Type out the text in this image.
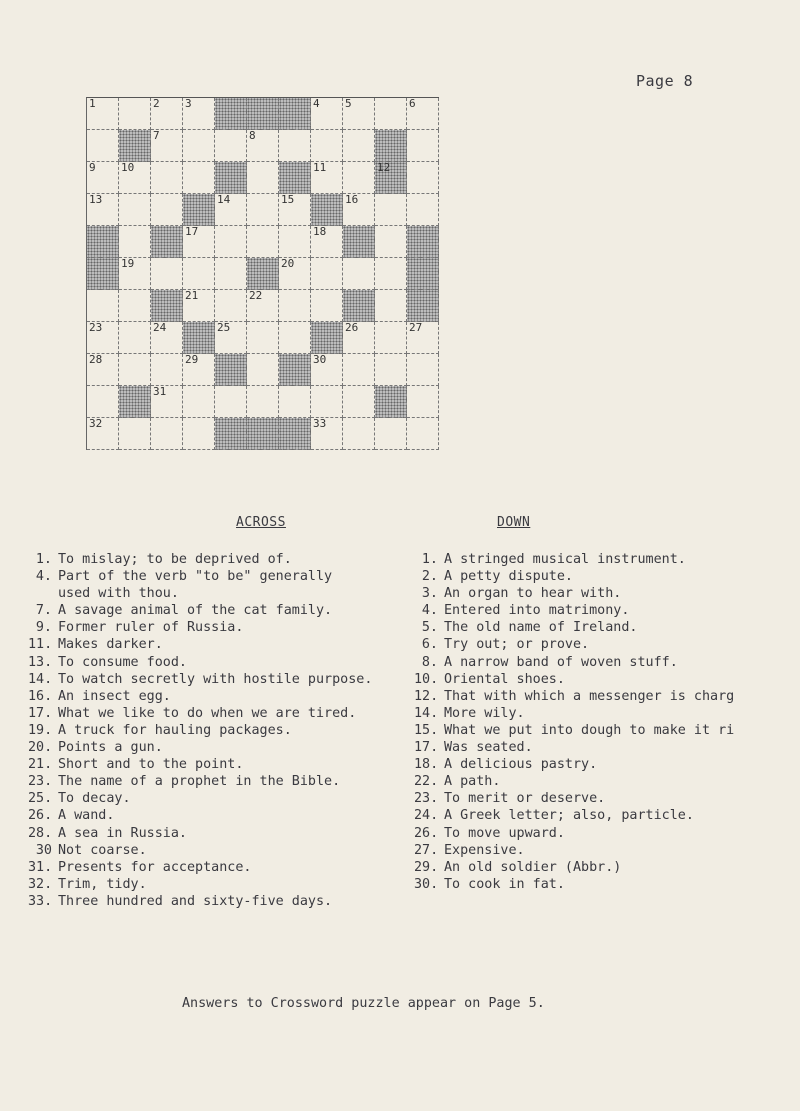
Page 8
1	2 3	4 5	6
7	8
9 10	11	12
13	14	15	16
17	18
19	20
21	22
23	24	25	26	27
28	29	30
31
32	33
ACROSS	DOWN
1. To mislay; to be deprived of.
4. Part of the verb "to be" generally
used with thou.
7. A savage animal of the cat family.
9. Former ruler of Russia.
11. Makes darker.
13. To consume food.
14. To watch secretly with hostile purpose.
16. An insect egg.
17. What we like to do when we are tired.
19. A truck for hauling packages.
20. Points a gun.
21. Short and to the point.
23. The name of a prophet in the Bible.
25. To decay.
26. A wand.
28. A sea in Russia.
30 Not coarse.
31. Presents for acceptance.
32. Trim, tidy.
33. Three hundred and sixty-five days.
1. A stringed musical instrument.
2. A petty dispute.
3. An organ to hear with.
4. Entered into matrimony.
5. The old name of Ireland.
6. Try out; or prove.
8. A narrow band of woven stuff.
10. Oriental shoes.
12. That with which a messenger is charg
14. More wily.
15. What we put into dough to make it ri
17. Was seated.
18. A delicious pastry.
22. A path.
23. To merit or deserve.
24. A Greek letter; also, particle.
26. To move upward.
27. Expensive.
29. An old soldier (Abbr.)
30. To cook in fat.
Answers to Crossword puzzle appear on Page 5.
